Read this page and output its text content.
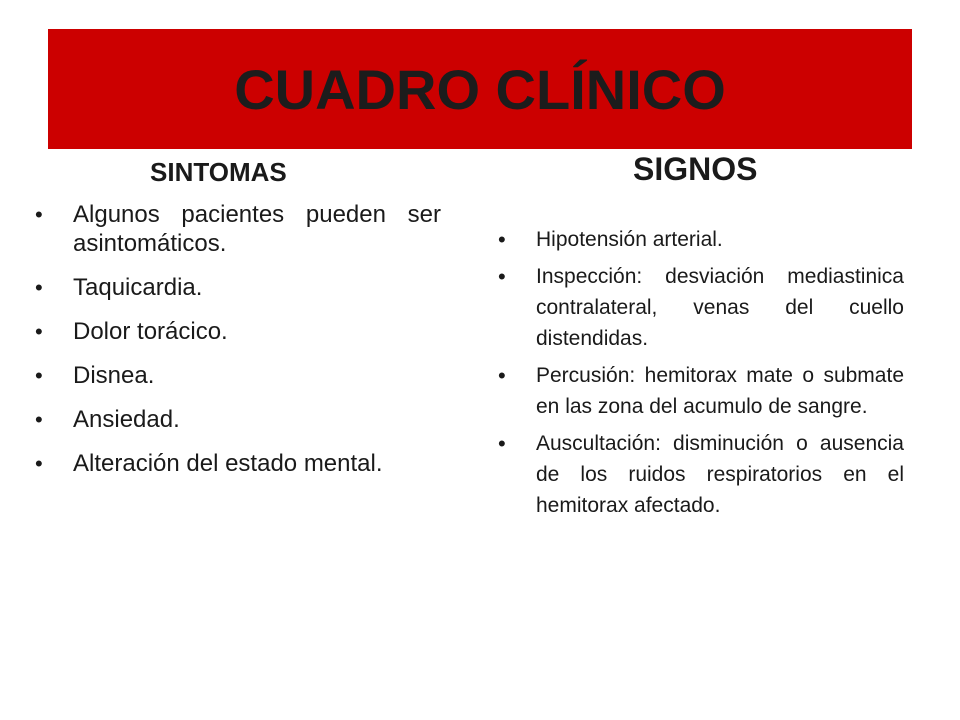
CUADRO CLÍNICO
SINTOMAS	SIGNOS
• Algunos pacientes pueden ser asintomáticos.
• Taquicardia.
• Dolor torácico.
• Disnea.
• Ansiedad.
• Alteración del estado mental.
• Hipotensión arterial.
• Inspección: desviación mediastinica contralateral, venas del cuello distendidas.
• Percusión: hemitorax mate o submate en las zona del acumulo de sangre.
• Auscultación: disminución o ausencia de los ruidos respiratorios en el hemitorax afectado.
